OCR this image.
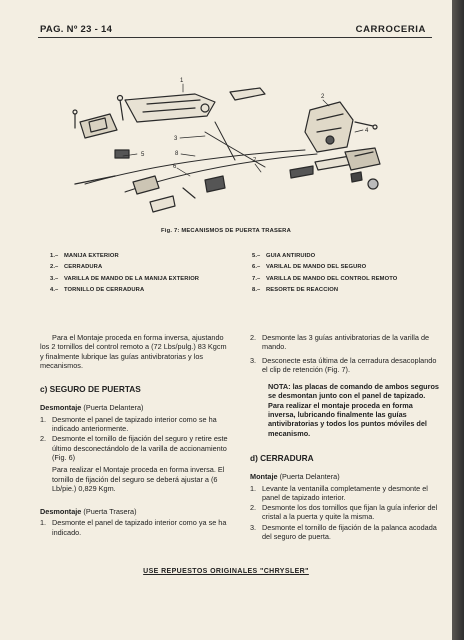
PAG. Nº 23 - 14	CARROCERIA
1
2
3
4
5
6
7
8
Fig. 7: MECANISMOS DE PUERTA TRASERA
1.– MANIJA EXTERIOR
2.– CERRADURA
3.– VARILLA DE MANDO DE LA MANIJA EXTERIOR
4.– TORNILLO DE CERRADURA
5.– GUIA ANTIRUIDO
6.– VARILAL DE MANDO DEL SEGURO
7.– VARILLA DE MANDO DEL CONTROL REMOTO
8.– RESORTE DE REACCION

Para el Montaje proceda en forma inversa, ajustando los 2 tornillos del control remoto a (72 Lbs/pulg.) 83 Kgcm y finalmente lubrique las guías antivibratorias y los mecanismos.

c) SEGURO DE PUERTAS

Desmontaje (Puerta Delantera)

1. Desmonte el panel de tapizado interior como se ha indicado anteriormente.
2. Desmonte el tornillo de fijación del seguro y retire este último desconectándolo de la varilla de accionamiento (Fig. 6)

Para realizar el Montaje proceda en forma inversa. El tornillo de fijación del seguro se deberá ajustar a (6 Lb/pie.) 0,829 Kgm.

Desmontaje (Puerta Trasera)

1. Desmonte el panel de tapizado interior como ya se ha indicado.
2. Desmonte las 3 guías antivibratorias de la varilla de mando.
3. Desconecte esta última de la cerradura desacoplando el clip de retención (Fig. 7).

NOTA: las placas de comando de ambos seguros se desmontan junto con el panel de tapizado. Para realizar el montaje proceda en forma inversa, lubricando finalmente las guías antivibratorias y todos los puntos móviles del mecanismo.

d) CERRADURA

Montaje (Puerta Delantera)

1. Levante la ventanilla completamente y desmonte el panel de tapizado interior.
2. Desmonte los dos tornillos que fijan la guía inferior del cristal a la puerta y quite la misma.
3. Desmonte el tornillo de fijación de la palanca acodada del seguro de puerta.
USE REPUESTOS ORIGINALES "CHRYSLER"
